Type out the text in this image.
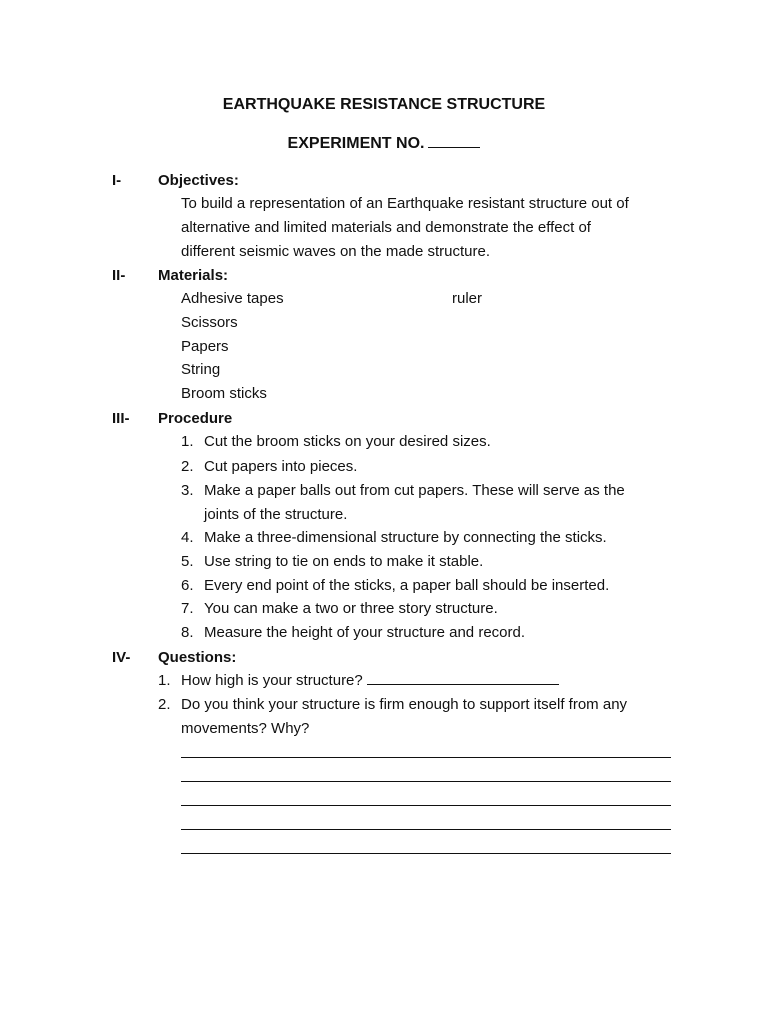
EARTHQUAKE RESISTANCE STRUCTURE
EXPERIMENT NO.
I- Objectives:
To build a representation of an Earthquake resistant structure out of
alternative and limited materials and demonstrate the effect of
different seismic waves on the made structure.
II- Materials:
Adhesive tapes	ruler
Scissors
Papers
String
Broom sticks
III- Procedure
1. Cut the broom sticks on your desired sizes.
2. Cut papers into pieces.
3. Make a paper balls out from cut papers. These will serve as the
joints of the structure.
4. Make a three-dimensional structure by connecting the sticks.
5. Use string to tie on ends to make it stable.
6. Every end point of the sticks, a paper ball should be inserted.
7. You can make a two or three story structure.
8. Measure the height of your structure and record.
IV- Questions:
1. How high is your structure?
2. Do you think your structure is firm enough to support itself from any
movements? Why?
